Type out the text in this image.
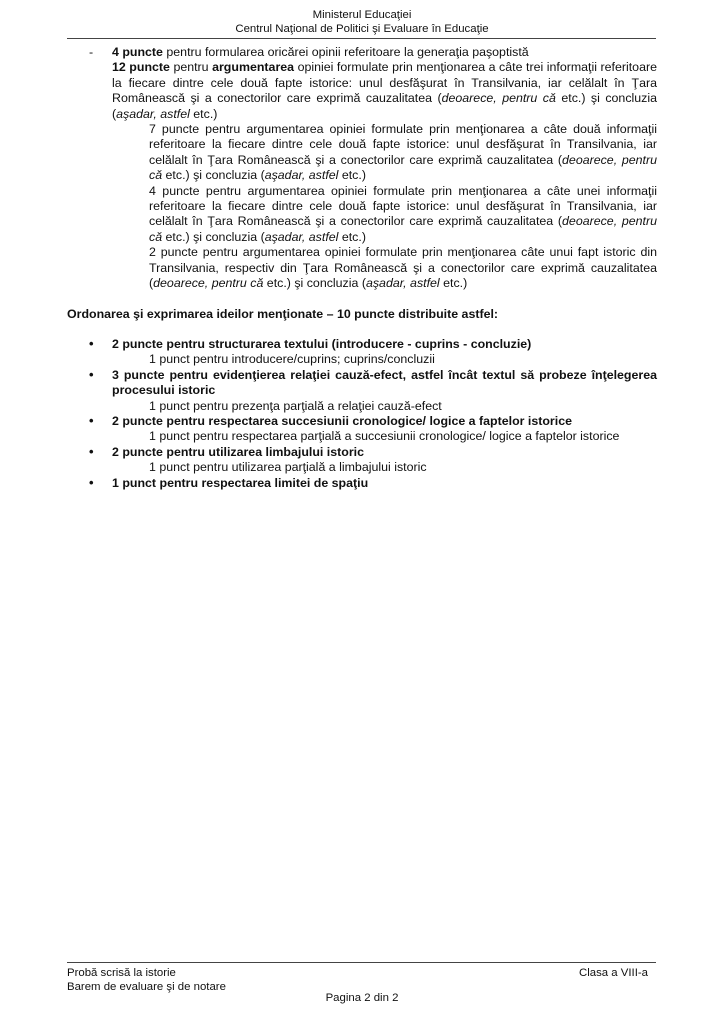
Ministerul Educaţiei
Centrul Naţional de Politici şi Evaluare în Educaţie
- 4 puncte pentru formularea oricărei opinii referitoare la generaţia paşoptistă

12 puncte pentru argumentarea opiniei formulate prin menţionarea a câte trei informaţii referitoare la fiecare dintre cele două fapte istorice: unul desfăşurat în Transilvania, iar celălalt în Ţara Românească şi a conectorilor care exprimă cauzalitatea (deoarece, pentru că etc.) şi concluzia (aşadar, astfel etc.)

7 puncte pentru argumentarea opiniei formulate prin menţionarea a câte două informaţii referitoare la fiecare dintre cele două fapte istorice: unul desfăşurat în Transilvania, iar celălalt în Ţara Românească şi a conectorilor care exprimă cauzalitatea (deoarece, pentru că etc.) şi concluzia (aşadar, astfel etc.)

4 puncte pentru argumentarea opiniei formulate prin menţionarea a câte unei informaţii referitoare la fiecare dintre cele două fapte istorice: unul desfăşurat în Transilvania, iar celălalt în Ţara Românească şi a conectorilor care exprimă cauzalitatea (deoarece, pentru că etc.) şi concluzia (aşadar, astfel etc.)

2 puncte pentru argumentarea opiniei formulate prin menţionarea câte unui fapt istoric din Transilvania, respectiv din Ţara Românească şi a conectorilor care exprimă cauzalitatea (deoarece, pentru că etc.) şi concluzia (aşadar, astfel etc.)

Ordonarea şi exprimarea ideilor menţionate – 10 puncte distribuite astfel:

• 2 puncte pentru structurarea textului (introducere - cuprins - concluzie)

1 punct pentru introducere/cuprins; cuprins/concluzii

• 3 puncte pentru evidenţierea relaţiei cauză-efect, astfel încât textul să probeze înţelegerea procesului istoric

1 punct pentru prezenţa parţială a relaţiei cauză-efect

• 2 puncte pentru respectarea succesiunii cronologice/ logice a faptelor istorice

1 punct pentru respectarea parţială a succesiunii cronologice/ logice a faptelor istorice

• 2 puncte pentru utilizarea limbajului istoric

1 punct pentru utilizarea parţială a limbajului istoric

• 1 punct pentru respectarea limitei de spaţiu

Probă scrisă la istorie
Barem de evaluare şi de notare
Clasa a VIII-a
Pagina 2 din 2
